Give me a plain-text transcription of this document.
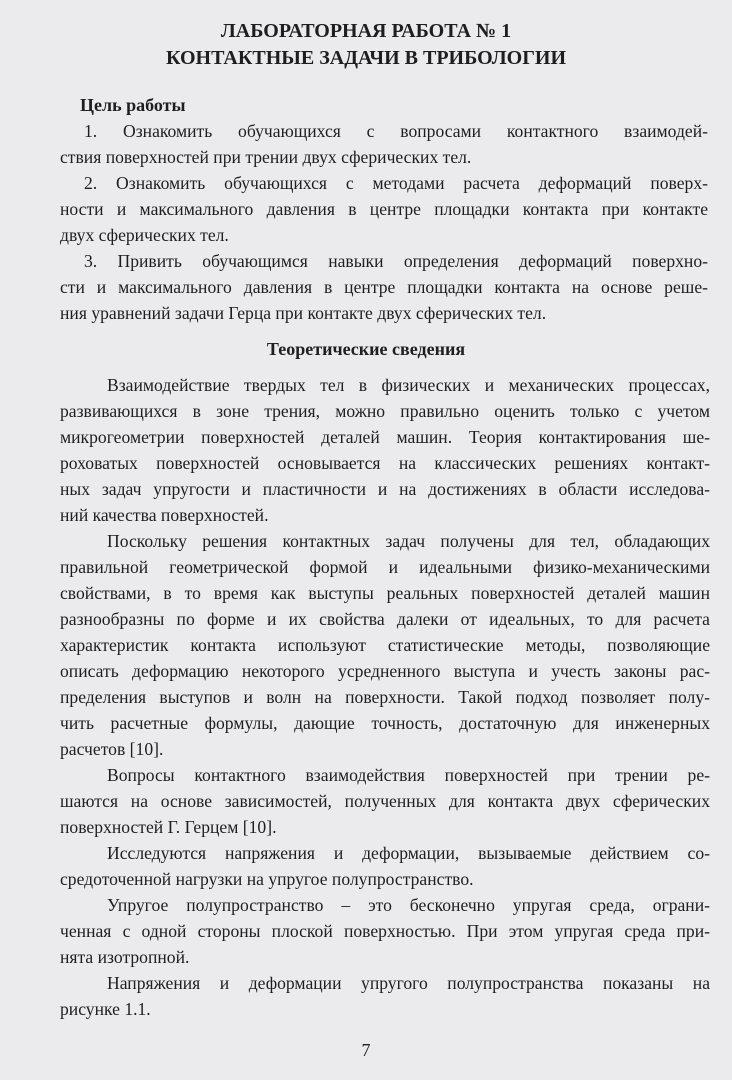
ЛАБОРАТОРНАЯ РАБОТА № 1
КОНТАКТНЫЕ ЗАДАЧИ В ТРИБОЛОГИИ
Цель работы
1. Ознакомить обучающихся с вопросами контактного взаимодей-
ствия поверхностей при трении двух сферических тел.
2. Ознакомить обучающихся с методами расчета деформаций поверх-
ности и максимального давления в центре площадки контакта при контакте
двух сферических тел.
3. Привить обучающимся навыки определения деформаций поверхно-
сти и максимального давления в центре площадки контакта на основе реше-
ния уравнений задачи Герца при контакте двух сферических тел.
Теоретические сведения
Взаимодействие твердых тел в физических и механических процессах,
развивающихся в зоне трения, можно правильно оценить только с учетом
микрогеометрии поверхностей деталей машин. Теория контактирования ше-
роховатых поверхностей основывается на классических решениях контакт-
ных задач упругости и пластичности и на достижениях в области исследова-
ний качества поверхностей.
Поскольку решения контактных задач получены для тел, обладающих
правильной геометрической формой и идеальными физико-механическими
свойствами, в то время как выступы реальных поверхностей деталей машин
разнообразны по форме и их свойства далеки от идеальных, то для расчета
характеристик контакта используют статистические методы, позволяющие
описать деформацию некоторого усредненного выступа и учесть законы рас-
пределения выступов и волн на поверхности. Такой подход позволяет полу-
чить расчетные формулы, дающие точность, достаточную для инженерных
расчетов [10].
Вопросы контактного взаимодействия поверхностей при трении ре-
шаются на основе зависимостей, полученных для контакта двух сферических
поверхностей Г. Герцем [10].
Исследуются напряжения и деформации, вызываемые действием со-
средоточенной нагрузки на упругое полупространство.
Упругое полупространство – это бесконечно упругая среда, ограни-
ченная с одной стороны плоской поверхностью. При этом упругая среда при-
нята изотропной.
Напряжения и деформации упругого полупространства показаны на
рисунке 1.1.
7
